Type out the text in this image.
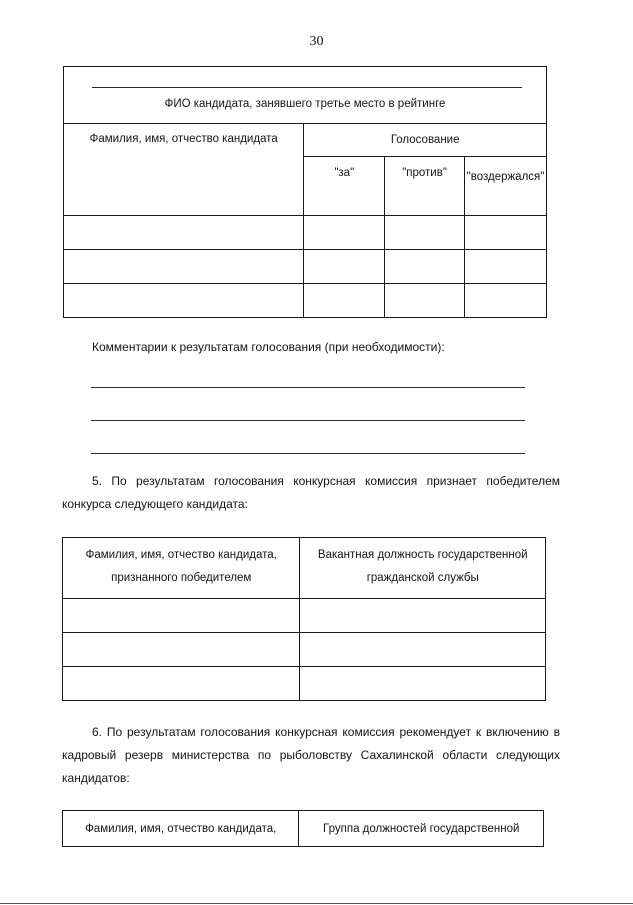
30
ФИО кандидата, занявшего третье место в рейтинге			

Фамилия, имя, отчество кандидата	Голосование		

	"за"	"против"	"воздержался"

Комментарии к результатам голосования (при необходимости):
5. По результатам голосования конкурсная комиссия признает победителем конкурса следующего кандидата:
Фамилия, имя, отчество кандидата, признанного победителем	Вакантная должность государственной гражданской службы

6. По результатам голосования конкурсная комиссия рекомендует к включению в кадровый резерв министерства по рыболовству Сахалинской области следующих кандидатов:
Фамилия, имя, отчество кандидата,	Группа должностей государственной
